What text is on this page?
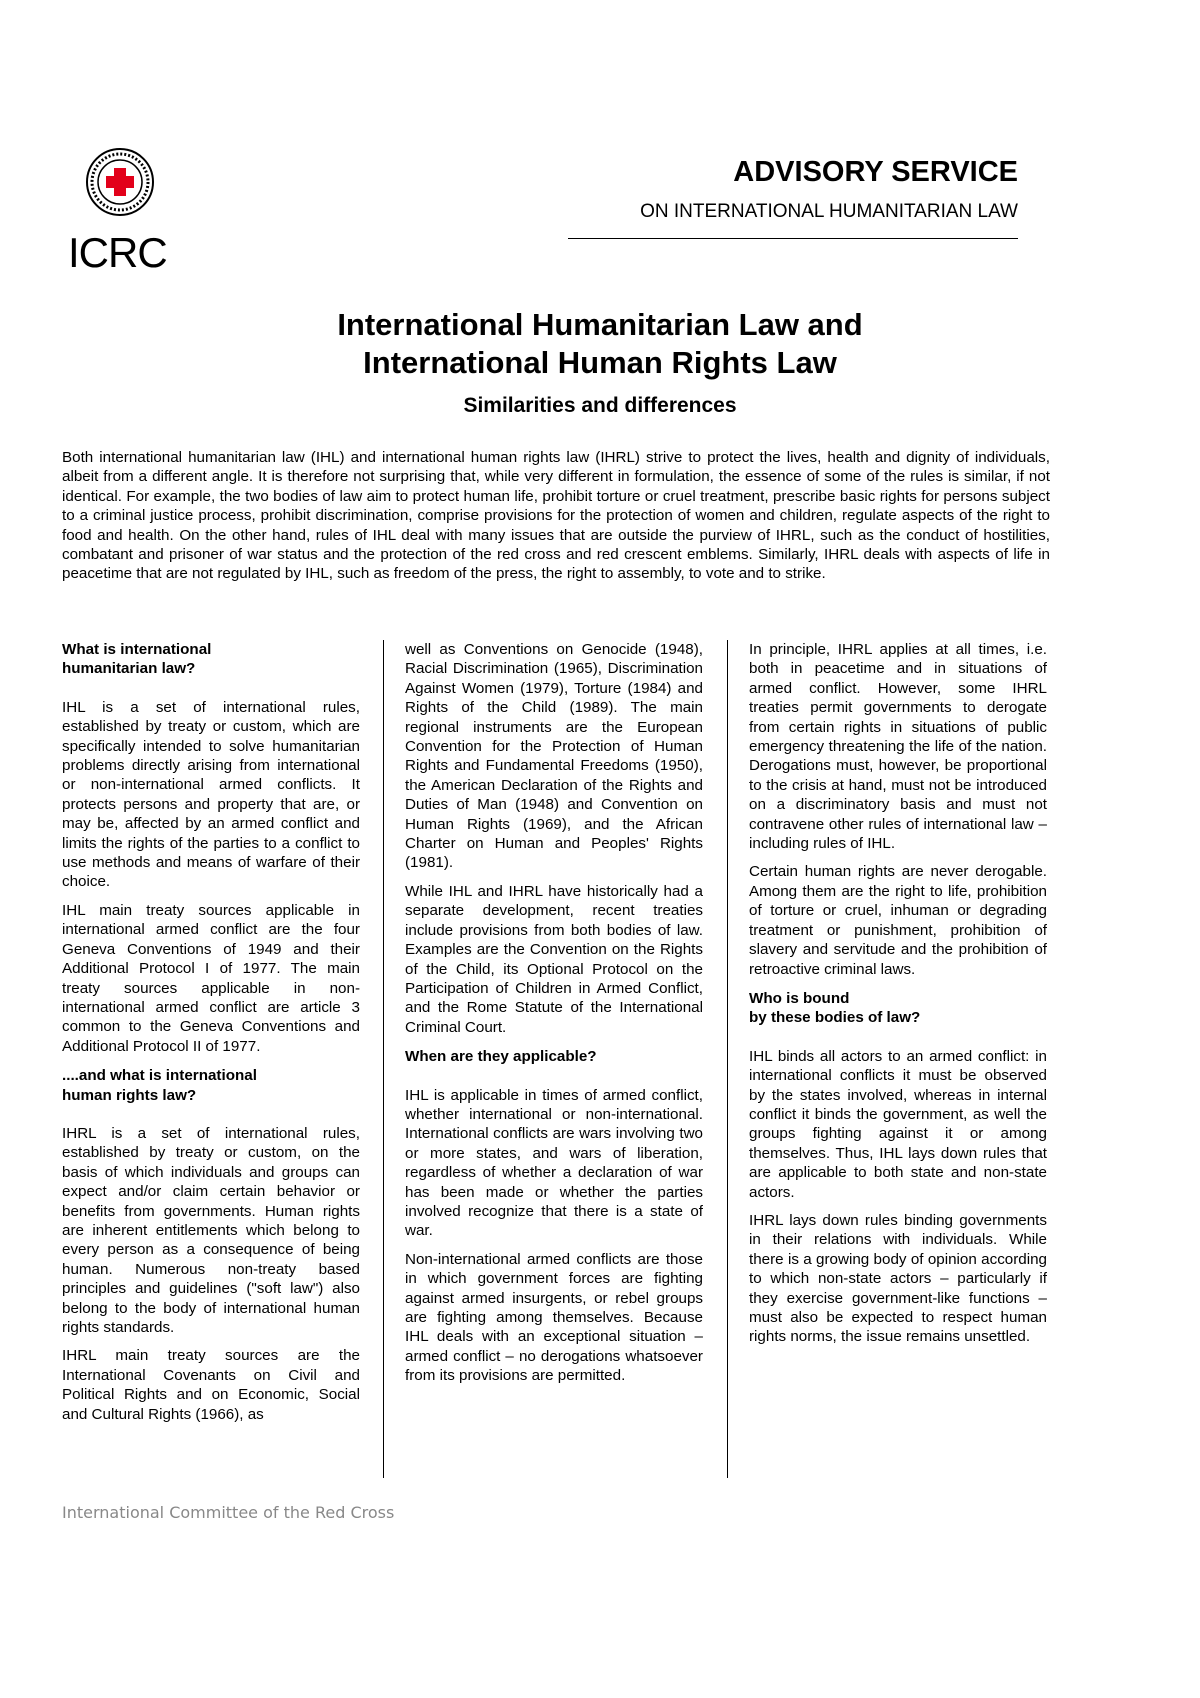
ICRC
ADVISORY SERVICE
ON INTERNATIONAL HUMANITARIAN LAW
International Humanitarian Law and
International Human Rights Law
Similarities and differences

Both international humanitarian law (IHL) and international human rights law (IHRL) strive to protect the lives, health and dignity of individuals, albeit from a different angle. It is therefore not surprising that, while very different in formulation, the essence of some of the rules is similar, if not identical. For example, the two bodies of law aim to protect human life, prohibit torture or cruel treatment, prescribe basic rights for persons subject to a criminal justice process, prohibit discrimination, comprise provisions for the protection of women and children, regulate aspects of the right to food and health. On the other hand, rules of IHL deal with many issues that are outside the purview of IHRL, such as the conduct of hostilities, combatant and prisoner of war status and the protection of the red cross and red crescent emblems. Similarly, IHRL deals with aspects of life in peacetime that are not regulated by IHL, such as freedom of the press, the right to assembly, to vote and to strike.

What is international
humanitarian law?

IHL is a set of international rules, established by treaty or custom, which are specifically intended to solve humanitarian problems directly arising from international or non-international armed conflicts. It protects persons and property that are, or may be, affected by an armed conflict and limits the rights of the parties to a conflict to use methods and means of warfare of their choice.

IHL main treaty sources applicable in international armed conflict are the four Geneva Conventions of 1949 and their Additional Protocol I of 1977. The main treaty sources applicable in non-international armed conflict are article 3 common to the Geneva Conventions and Additional Protocol II of 1977.

....and what is international
human rights law?

IHRL is a set of international rules, established by treaty or custom, on the basis of which individuals and groups can expect and/or claim certain behavior or benefits from governments. Human rights are inherent entitlements which belong to every person as a consequence of being human. Numerous non-treaty based principles and guidelines ("soft law") also belong to the body of international human rights standards.

IHRL main treaty sources are the International Covenants on Civil and Political Rights and on Economic, Social and Cultural Rights (1966), as

well as Conventions on Genocide (1948), Racial Discrimination (1965), Discrimination Against Women (1979), Torture (1984) and Rights of the Child (1989). The main regional instruments are the European Convention for the Protection of Human Rights and Fundamental Freedoms (1950), the American Declaration of the Rights and Duties of Man (1948) and Convention on Human Rights (1969), and the African Charter on Human and Peoples' Rights (1981).

While IHL and IHRL have historically had a separate development, recent treaties include provisions from both bodies of law. Examples are the Convention on the Rights of the Child, its Optional Protocol on the Participation of Children in Armed Conflict, and the Rome Statute of the International Criminal Court.

When are they applicable?

IHL is applicable in times of armed conflict, whether international or non-international. International conflicts are wars involving two or more states, and wars of liberation, regardless of whether a declaration of war has been made or whether the parties involved recognize that there is a state of war.

Non-international armed conflicts are those in which government forces are fighting against armed insurgents, or rebel groups are fighting among themselves. Because IHL deals with an exceptional situation – armed conflict – no derogations whatsoever from its provisions are permitted.

In principle, IHRL applies at all times, i.e. both in peacetime and in situations of armed conflict. However, some IHRL treaties permit governments to derogate from certain rights in situations of public emergency threatening the life of the nation. Derogations must, however, be proportional to the crisis at hand, must not be introduced on a discriminatory basis and must not contravene other rules of international law – including rules of IHL.

Certain human rights are never derogable. Among them are the right to life, prohibition of torture or cruel, inhuman or degrading treatment or punishment, prohibition of slavery and servitude and the prohibition of retroactive criminal laws.

Who is bound
by these bodies of law?

IHL binds all actors to an armed conflict: in international conflicts it must be observed by the states involved, whereas in internal conflict it binds the government, as well the groups fighting against it or among themselves. Thus, IHL lays down rules that are applicable to both state and non-state actors.

IHRL lays down rules binding governments in their relations with individuals. While there is a growing body of opinion according to which non-state actors – particularly if they exercise government-like functions – must also be expected to respect human rights norms, the issue remains unsettled.

International Committee of the Red Cross
